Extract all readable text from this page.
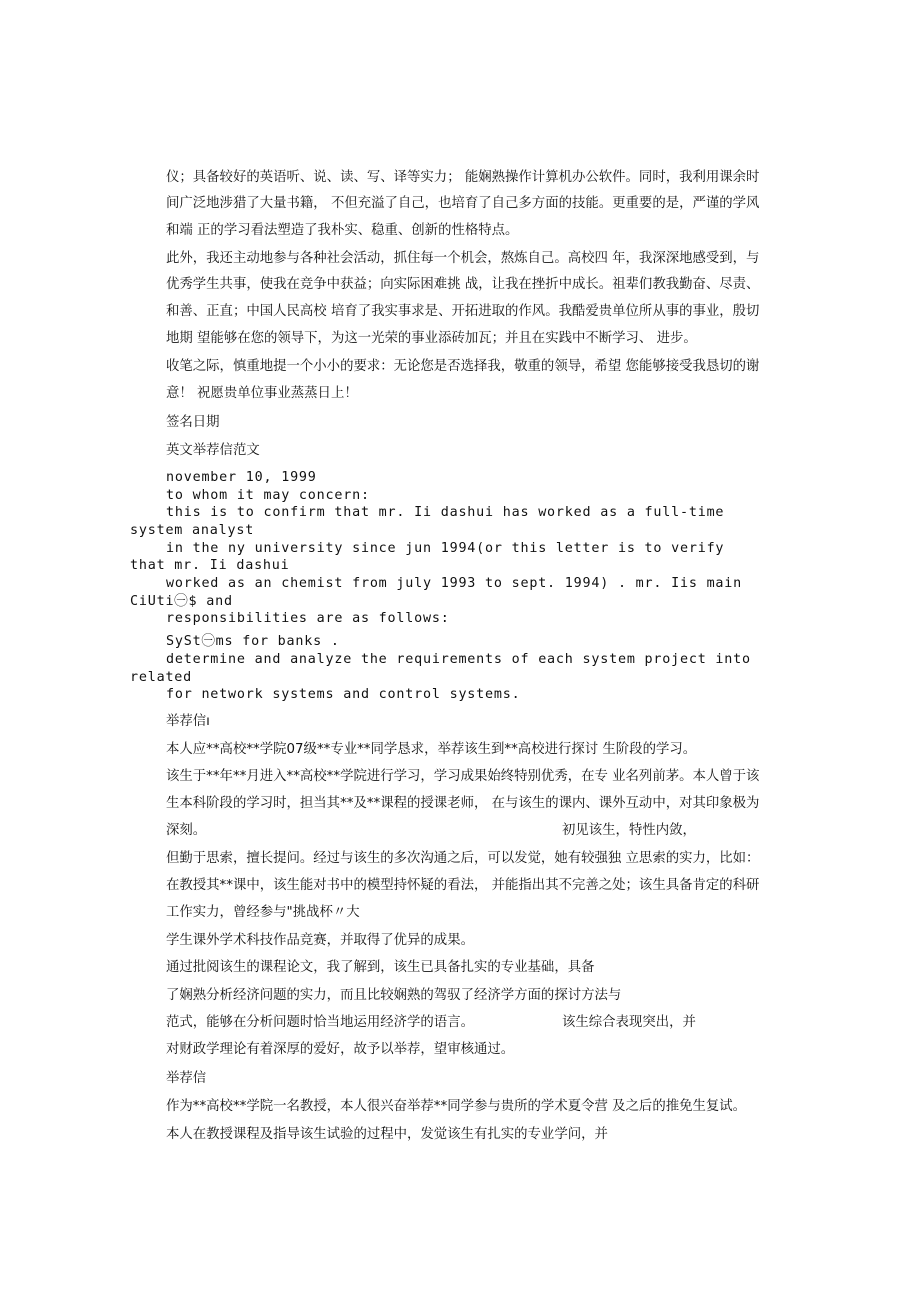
仪；具备较好的英语听、说、读、写、译等实力； 能娴熟操作计算机办公软件。同时，我利用课余时
间广泛地涉猎了大量书籍， 不但充溢了自己，也培育了自己多方面的技能。更重要的是，严谨的学风
和端 正的学习看法塑造了我朴实、稳重、创新的性格特点。
此外，我还主动地参与各种社会活动，抓住每一个机会，熬炼自己。高校四 年，我深深地感受到，与
优秀学生共事，使我在竞争中获益；向实际困难挑 战，让我在挫折中成长。祖辈们教我勤奋、尽责、
和善、正直；中国人民高校 培育了我实事求是、开拓进取的作风。我酷爱贵单位所从事的事业，殷切
地期 望能够在您的领导下，为这一光荣的事业添砖加瓦；并且在实践中不断学习、 进步。
收笔之际，慎重地提一个小小的要求：无论您是否选择我，敬重的领导，希望 您能够接受我恳切的谢
意！ 祝愿贵单位事业蒸蒸日上！
签名日期
英文举荐信范文
november 10, 1999
to whom it may concern:
this is to confirm that mr. Ii dashui has worked as a full-time
system analyst
in the ny university since jun 1994(or this letter is to verify
that mr. Ii dashui
worked as an chemist from july 1993 to sept. 1994) . mr. Iis main
CiUti㊀$ and
responsibilities are as follows:
SySt㊀ms for banks .
determine and analyze the requirements of each system project into
related
for network systems and control systems.
举荐信ı
本人应**高校**学院07级**专业**同学恳求，举荐该生到**高校进行探讨 生阶段的学习。
该生于**年**月进入**高校**学院进行学习，学习成果始终特别优秀，在专 业名列前茅。本人曾于该
生本科阶段的学习时，担当其**及**课程的授课老师， 在与该生的课内、课外互动中，对其印象极为
深刻。	初见该生，特性内敛，
但勤于思索，擅长提问。经过与该生的多次沟通之后，可以发觉，她有较强独 立思索的实力，比如：
在教授其**课中，该生能对书中的模型持怀疑的看法， 并能指出其不完善之处；该生具备肯定的科研
工作实力，曾经参与"挑战杯〃大
学生课外学术科技作品竞赛，并取得了优异的成果。
通过批阅该生的课程论文，我了解到，该生已具备扎实的专业基础，具备
了娴熟分析经济问题的实力，而且比较娴熟的驾驭了经济学方面的探讨方法与
范式，能够在分析问题时恰当地运用经济学的语言。	该生综合表现突出，并
对财政学理论有着深厚的爱好，故予以举荐，望审核通过。
举荐信
作为**高校**学院一名教授，本人很兴奋举荐**同学参与贵所的学术夏令营 及之后的推免生复试。
本人在教授课程及指导该生试验的过程中，发觉该生有扎实的专业学问，并
